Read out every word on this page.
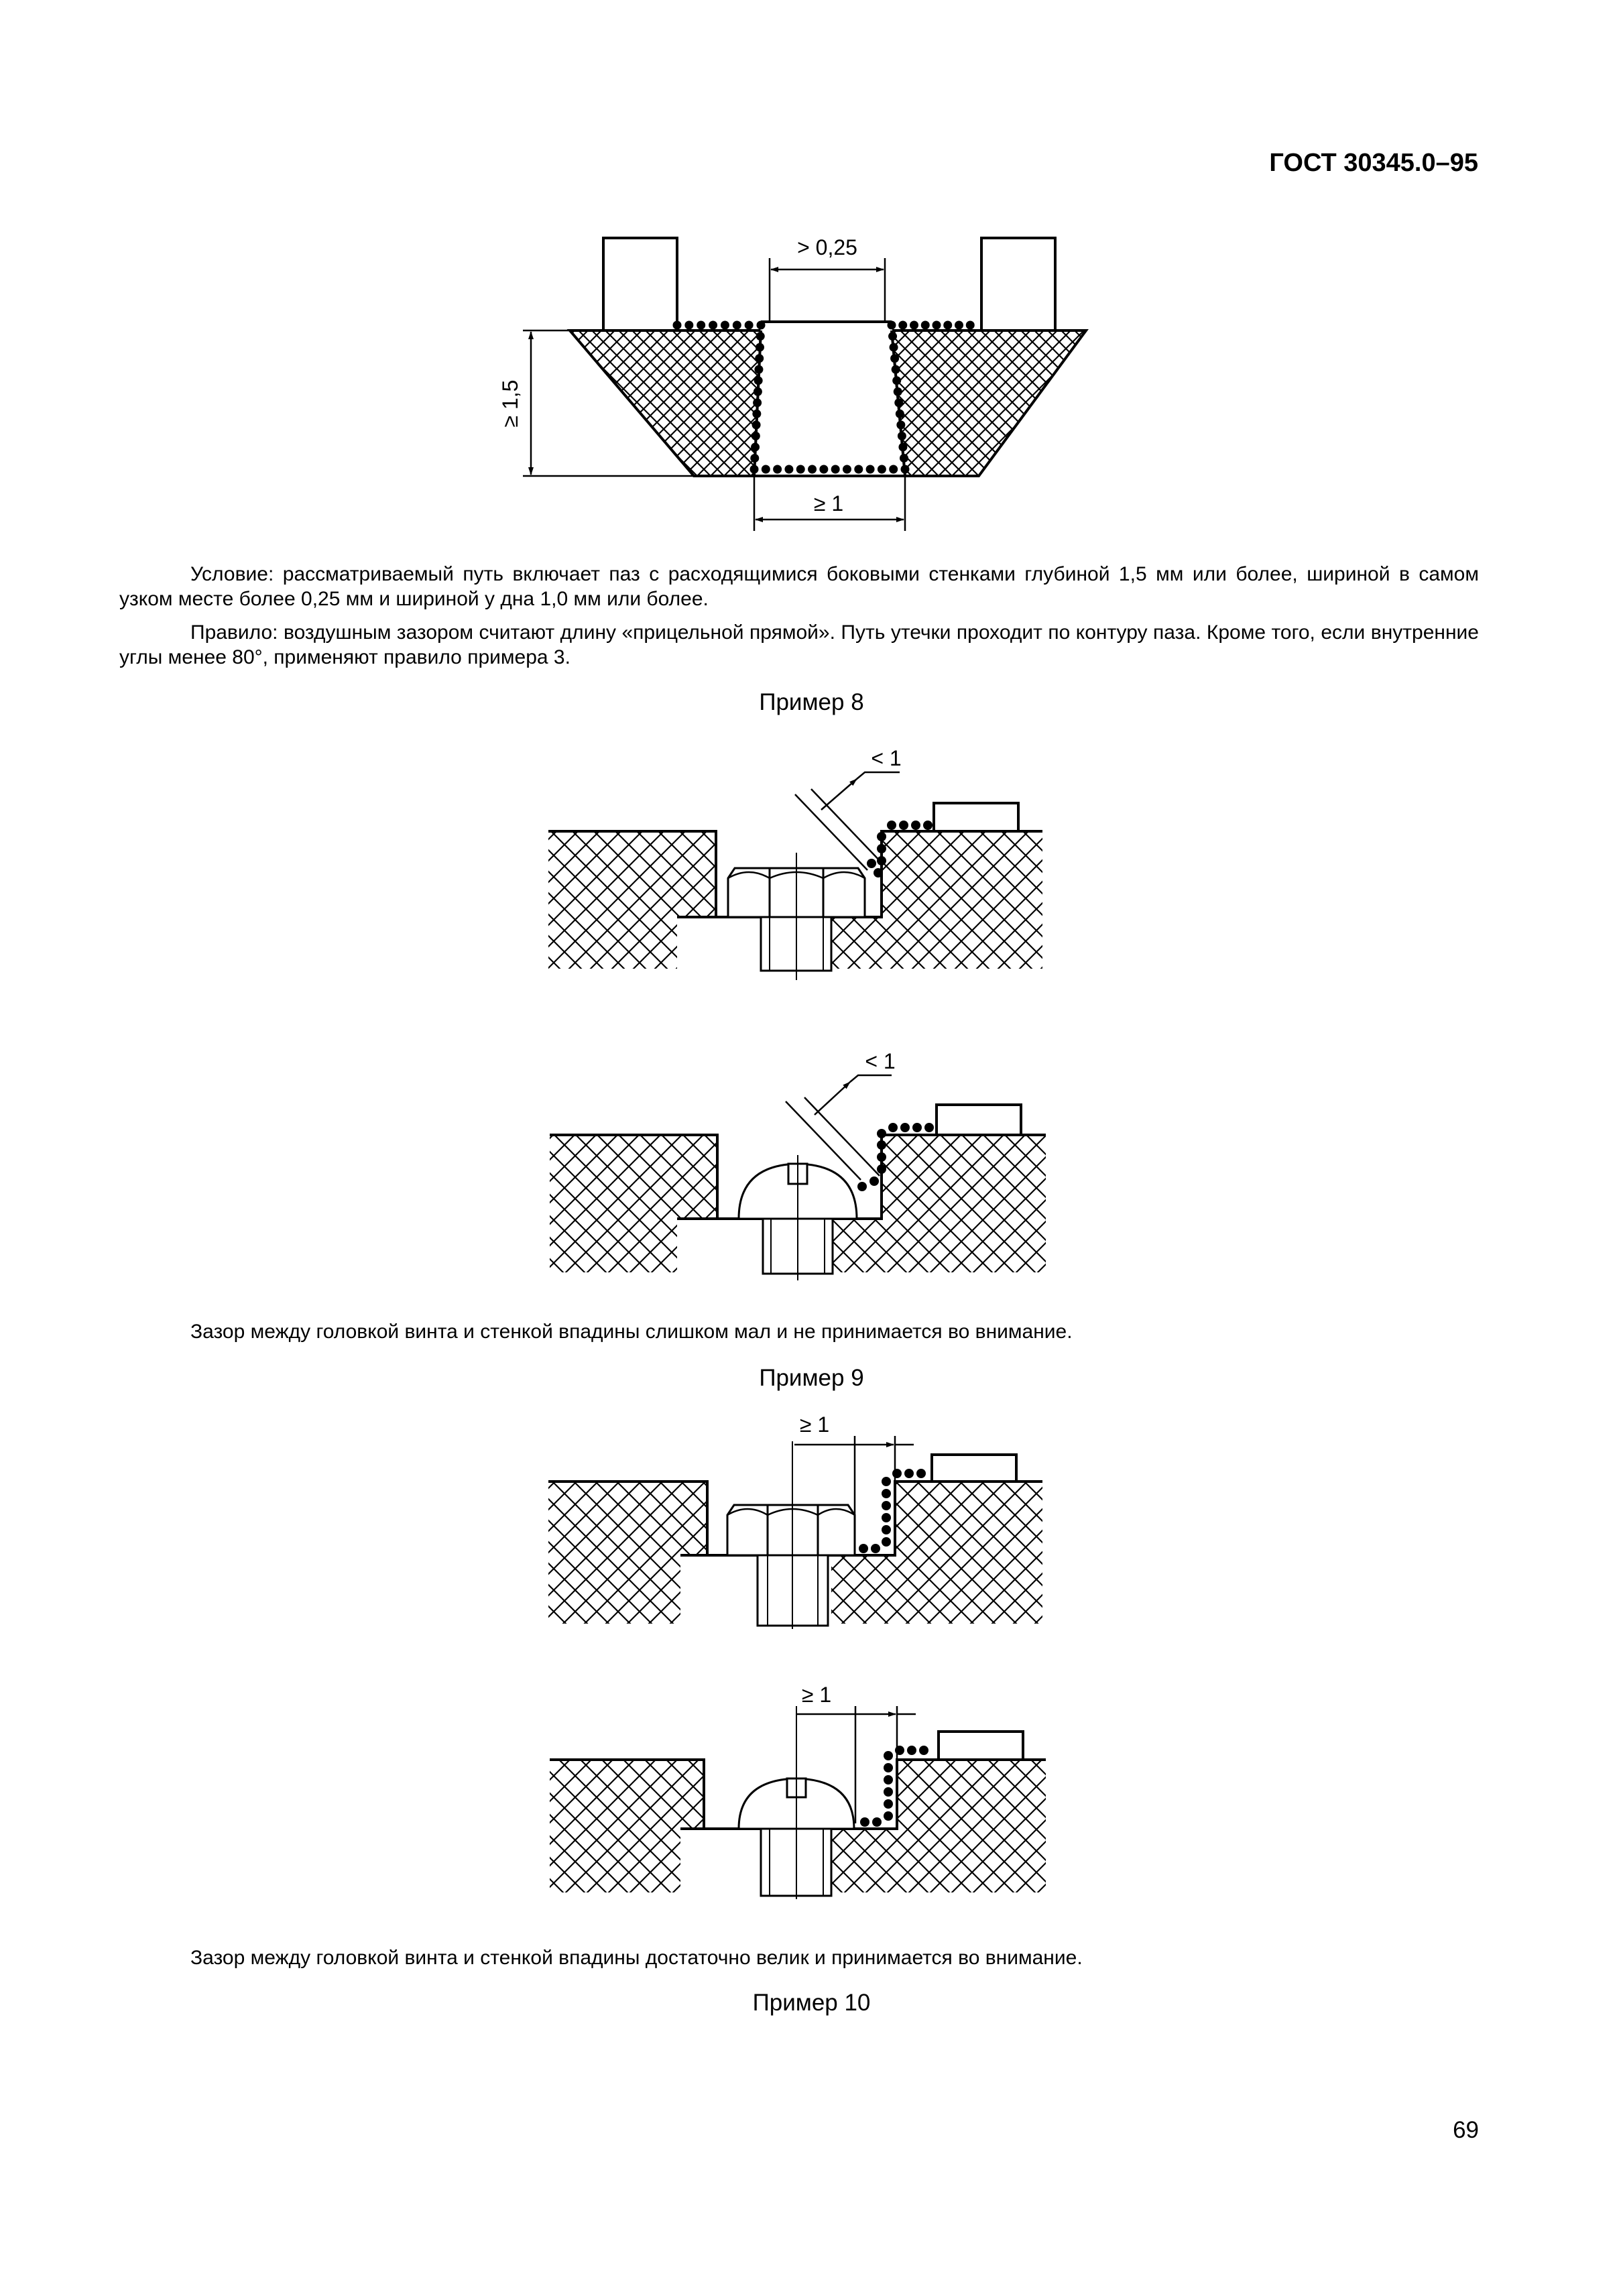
ГОСТ 30345.0–95
> 0,25
≥ 1,5
≥ 1
Условие: рассматриваемый путь включает паз с расходящимися боковыми стенками глубиной 1,5 мм или более, шириной в самом узком месте более 0,25 мм и шириной у дна 1,0 мм или более.
Правило: воздушным зазором считают длину «прицельной прямой». Путь утечки проходит по контуру паза. Кроме того, если внутренние углы менее 80°, применяют правило примера 3.
Пример 8
< 1
< 1
Зазор между головкой винта и стенкой впадины слишком мал и не принимается во внимание.
Пример 9
≥ 1
≥ 1
Зазор между головкой винта и стенкой впадины достаточно велик и принимается во внимание.
Пример 10
69
